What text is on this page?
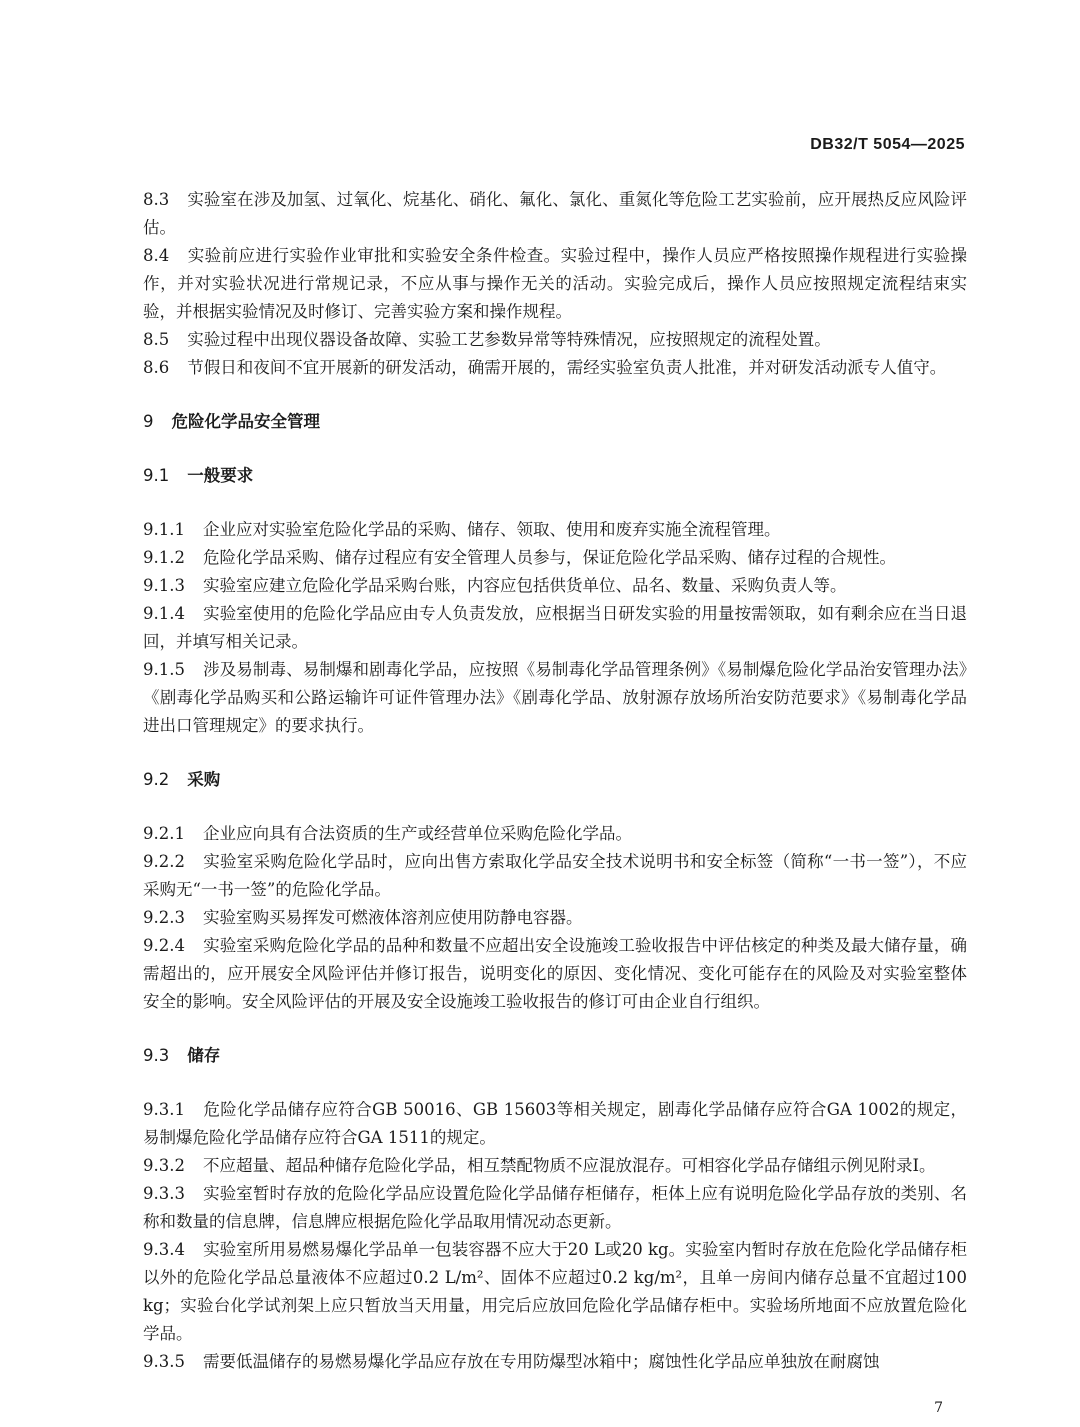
DB32/T 5054—2025

8.3 实验室在涉及加氢、过氧化、烷基化、硝化、氟化、氯化、重氮化等危险工艺实验前，应开展热反应风险评估。

8.4 实验前应进行实验作业审批和实验安全条件检查。实验过程中，操作人员应严格按照操作规程进行实验操作，并对实验状况进行常规记录，不应从事与操作无关的活动。实验完成后，操作人员应按照规定流程结束实验，并根据实验情况及时修订、完善实验方案和操作规程。

8.5 实验过程中出现仪器设备故障、实验工艺参数异常等特殊情况，应按照规定的流程处置。

8.6 节假日和夜间不宜开展新的研发活动，确需开展的，需经实验室负责人批准，并对研发活动派专人值守。

9 危险化学品安全管理
9.1 一般要求

9.1.1 企业应对实验室危险化学品的采购、储存、领取、使用和废弃实施全流程管理。

9.1.2 危险化学品采购、储存过程应有安全管理人员参与，保证危险化学品采购、储存过程的合规性。

9.1.3 实验室应建立危险化学品采购台账，内容应包括供货单位、品名、数量、采购负责人等。

9.1.4 实验室使用的危险化学品应由专人负责发放，应根据当日研发实验的用量按需领取，如有剩余应在当日退回，并填写相关记录。

9.1.5 涉及易制毒、易制爆和剧毒化学品，应按照《易制毒化学品管理条例》《易制爆危险化学品治安管理办法》《剧毒化学品购买和公路运输许可证件管理办法》《剧毒化学品、放射源存放场所治安防范要求》《易制毒化学品进出口管理规定》的要求执行。

9.2 采购

9.2.1 企业应向具有合法资质的生产或经营单位采购危险化学品。

9.2.2 实验室采购危险化学品时，应向出售方索取化学品安全技术说明书和安全标签（简称“一书一签”），不应采购无“一书一签”的危险化学品。

9.2.3 实验室购买易挥发可燃液体溶剂应使用防静电容器。

9.2.4 实验室采购危险化学品的品种和数量不应超出安全设施竣工验收报告中评估核定的种类及最大储存量，确需超出的，应开展安全风险评估并修订报告，说明变化的原因、变化情况、变化可能存在的风险及对实验室整体安全的影响。安全风险评估的开展及安全设施竣工验收报告的修订可由企业自行组织。

9.3 储存

9.3.1 危险化学品储存应符合GB 50016、GB 15603等相关规定，剧毒化学品储存应符合GA 1002的规定，易制爆危险化学品储存应符合GA 1511的规定。

9.3.2 不应超量、超品种储存危险化学品，相互禁配物质不应混放混存。可相容化学品存储组示例见附录I。

9.3.3 实验室暂时存放的危险化学品应设置危险化学品储存柜储存，柜体上应有说明危险化学品存放的类别、名称和数量的信息牌，信息牌应根据危险化学品取用情况动态更新。

9.3.4 实验室所用易燃易爆化学品单一包装容器不应大于20 L或20 kg。实验室内暂时存放在危险化学品储存柜以外的危险化学品总量液体不应超过0.2 L/m²、固体不应超过0.2 kg/m²，且单一房间内储存总量不宜超过100 kg；实验台化学试剂架上应只暂放当天用量，用完后应放回危险化学品储存柜中。实验场所地面不应放置危险化学品。

9.3.5 需要低温储存的易燃易爆化学品应存放在专用防爆型冰箱中；腐蚀性化学品应单独放在耐腐蚀

7
